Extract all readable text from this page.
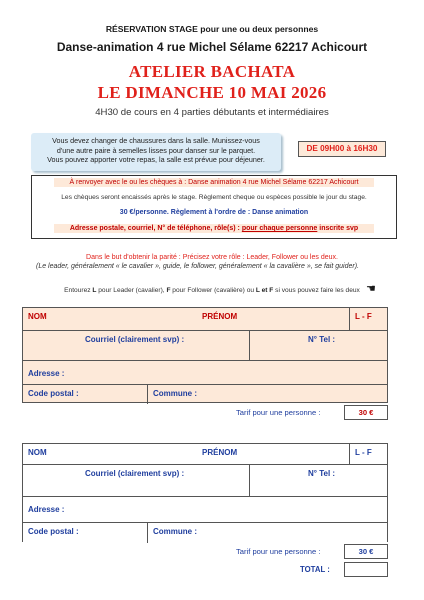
RÉSERVATION STAGE pour une ou deux personnes
Danse-animation 4 rue Michel Sélame 62217 Achicourt
ATELIER BACHATA
LE DIMANCHE 10 MAI 2026
4H30 de cours en 4 parties débutants et intermédiaires
Vous devez changer de chaussures dans la salle. Munissez-vous
d'une autre paire à semelles lisses pour danser sur le parquet.
Vous pouvez apporter votre repas, la salle est prévue pour déjeuner.
DE 09H00 à 16H30
À renvoyer avec le ou les chèques à : Danse animation 4 rue Michel Sélame 62217 Achicourt
Les chèques seront encaissés après le stage. Règlement cheque ou espèces possible le jour du stage.
30 €/personne. Règlement à l'ordre de : Danse animation
Adresse postale, courriel, N° de téléphone, rôle(s) : pour chaque personne inscrite svp
Dans le but d'obtenir la parité : Précisez votre rôle : Leader, Follower ou les deux.
(Le leader, généralement « le cavalier », guide, le follower, généralement « la cavalière », se fait guider).
Entourez L pour Leader (cavalier), F pour Follower (cavalière) ou L et F si vous pouvez faire les deux ☚
NOM	PRÉNOM	L - F
Courriel (clairement svp) :	N° Tel :
Adresse :
Code postal :	Commune :
Tarif pour une personne :	30 €
NOM	PRÉNOM	L - F
Courriel (clairement svp) :	N° Tel :
Adresse :
Code postal :	Commune :
Tarif pour une personne :	30 €
TOTAL :
